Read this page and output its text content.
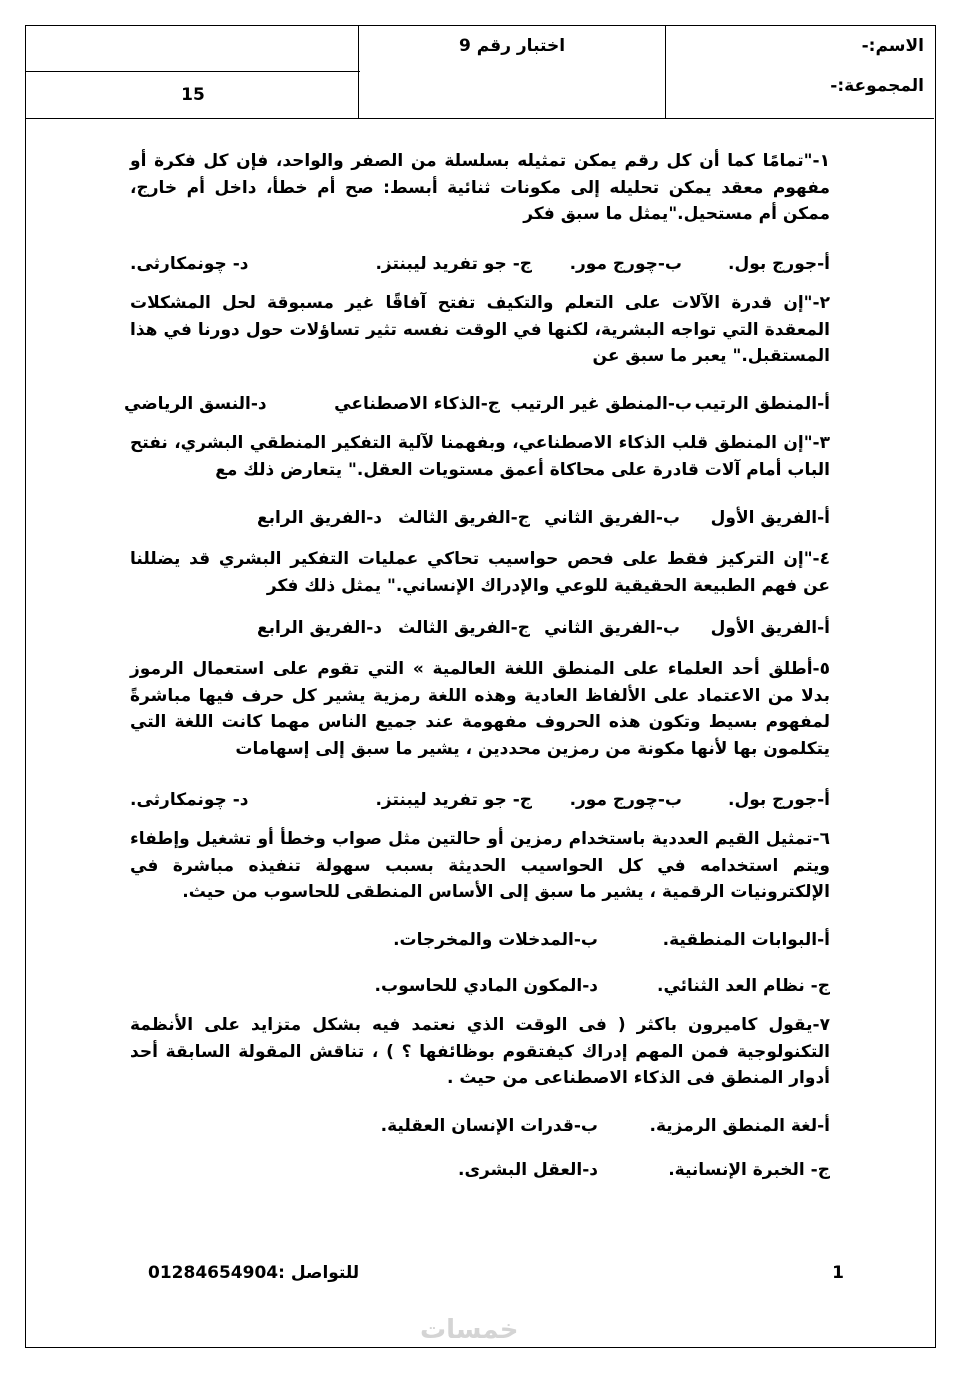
الاسم:-
المجموعة:-
اختبار رقم 9
15
١-"تمامًا كما أن كل رقم يمكن تمثيله بسلسلة من الصفر والواحد، فإن كل فكرة أو مفهوم معقد يمكن تحليله إلى مكونات ثنائية أبسط: صح أم خطأ، داخل أم خارج، ممكن أم مستحيل."يمثل ما سبق فكر
أ-جورج بول.
ب-چورج مور.
ج- جو تفريد ليبنتز.
د- چونمكارثى.
٢-"إن قدرة الآلات على التعلم والتكيف تفتح آفاقًا غير مسبوقة لحل المشكلات المعقدة التي تواجه البشرية، لكنها في الوقت نفسه تثير تساؤلات حول دورنا في هذا المستقبل." يعبر ما سبق عن
أ-المنطق الرتيب
ب-المنطق غير الرتيب
ج-الذكاء الاصطناعي
د-النسق الرياضي
٣-"إن المنطق قلب الذكاء الاصطناعي، وبفهمنا لآلية التفكير المنطقي البشري، نفتح الباب أمام آلات قادرة على محاكاة أعمق مستويات العقل." يتعارض ذلك مع
أ-الفريق الأول
ب-الفريق الثاني
ج-الفريق الثالث
د-الفريق الرابع
٤-"إن التركيز فقط على فحص حواسيب تحاكي عمليات التفكير البشري قد يضللنا عن فهم الطبيعة الحقيقية للوعي والإدراك الإنساني." يمثل ذلك فكر
أ-الفريق الأول
ب-الفريق الثاني
ج-الفريق الثالث
د-الفريق الرابع
٥-أطلق أحد العلماء على المنطق اللغة العالمية » التي تقوم على استعمال الرموز بدلا من الاعتماد على الألفاظ العادية وهذه اللغة رمزية يشير كل حرف فيها مباشرةً لمفهوم بسيط وتكون هذه الحروف مفهومة عند جميع الناس مهما كانت اللغة التي يتكلمون بها لأنها مكونة من رمزين محددين ، يشير ما سبق إلى إسهامات
أ-جورج بول.
ب-چورج مور.
ج- جو تفريد ليبنتز.
د- چونمكارثى.
٦-تمثيل القيم العددية باستخدام رمزين أو حالتين مثل صواب وخطأ أو تشغيل وإطفاء ويتم استخدامه في كل الحواسيب الحديثة بسبب سهولة تنفيذه مباشرة في الإلكترونيات الرقمية ، يشير ما سبق إلى الأساس المنطقى للحاسوب من حيث.
أ-البوابات المنطقية.
ب-المدخلات والمخرجات.
ج- نظام العد الثنائي.
د-المكون المادي للحاسوب.
٧-يقول كاميرون باكثر ( فى الوقت الذي نعتمد فيه بشكل متزايد على الأنظمة التكنولوجية فمن المهم إدراك كيفتقوم بوظائفها ؟ ) ، تناقش المقولة السابقة أحد أدوار المنطق فى الذكاء الاصطناعى من حيث .
أ-لغة المنطق الرمزية.
ب-قدرات الإنسان العقلية.
ج- الخبرة الإنسانية.
د-العقل البشرى.
1
للتواصل :01284654904
خمسات
